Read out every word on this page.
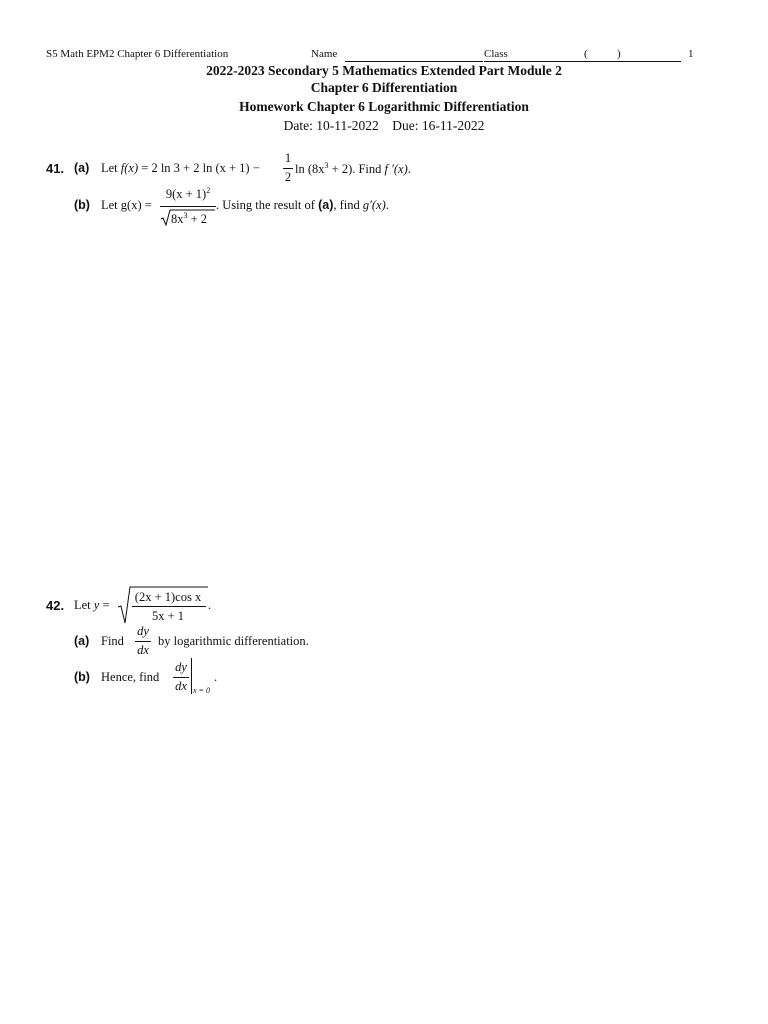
S5 Math EPM2 Chapter 6 Differentiation	Name	Class	(	)	1
2022-2023 Secondary 5 Mathematics Extended Part Module 2
Chapter 6 Differentiation
Homework Chapter 6 Logarithmic Differentiation
Date: 10-11-2022    Due: 16-11-2022
41. (a) Let f(x) = 2 ln 3 + 2 ln (x + 1) −
1
2
$\ln (8x^3 + 2)$. Find f ′(x).
(b) Let g(x) =
$9(x + 1)^2$
$8x^3 + 2$
. Using the result of (a), find g′(x).
42. Let y =
(2x + 1)cos x
5x + 1
.
(a) Find
dy
dx
by logarithmic differentiation.
(b) Hence, find
dy
dx x = 0
.
